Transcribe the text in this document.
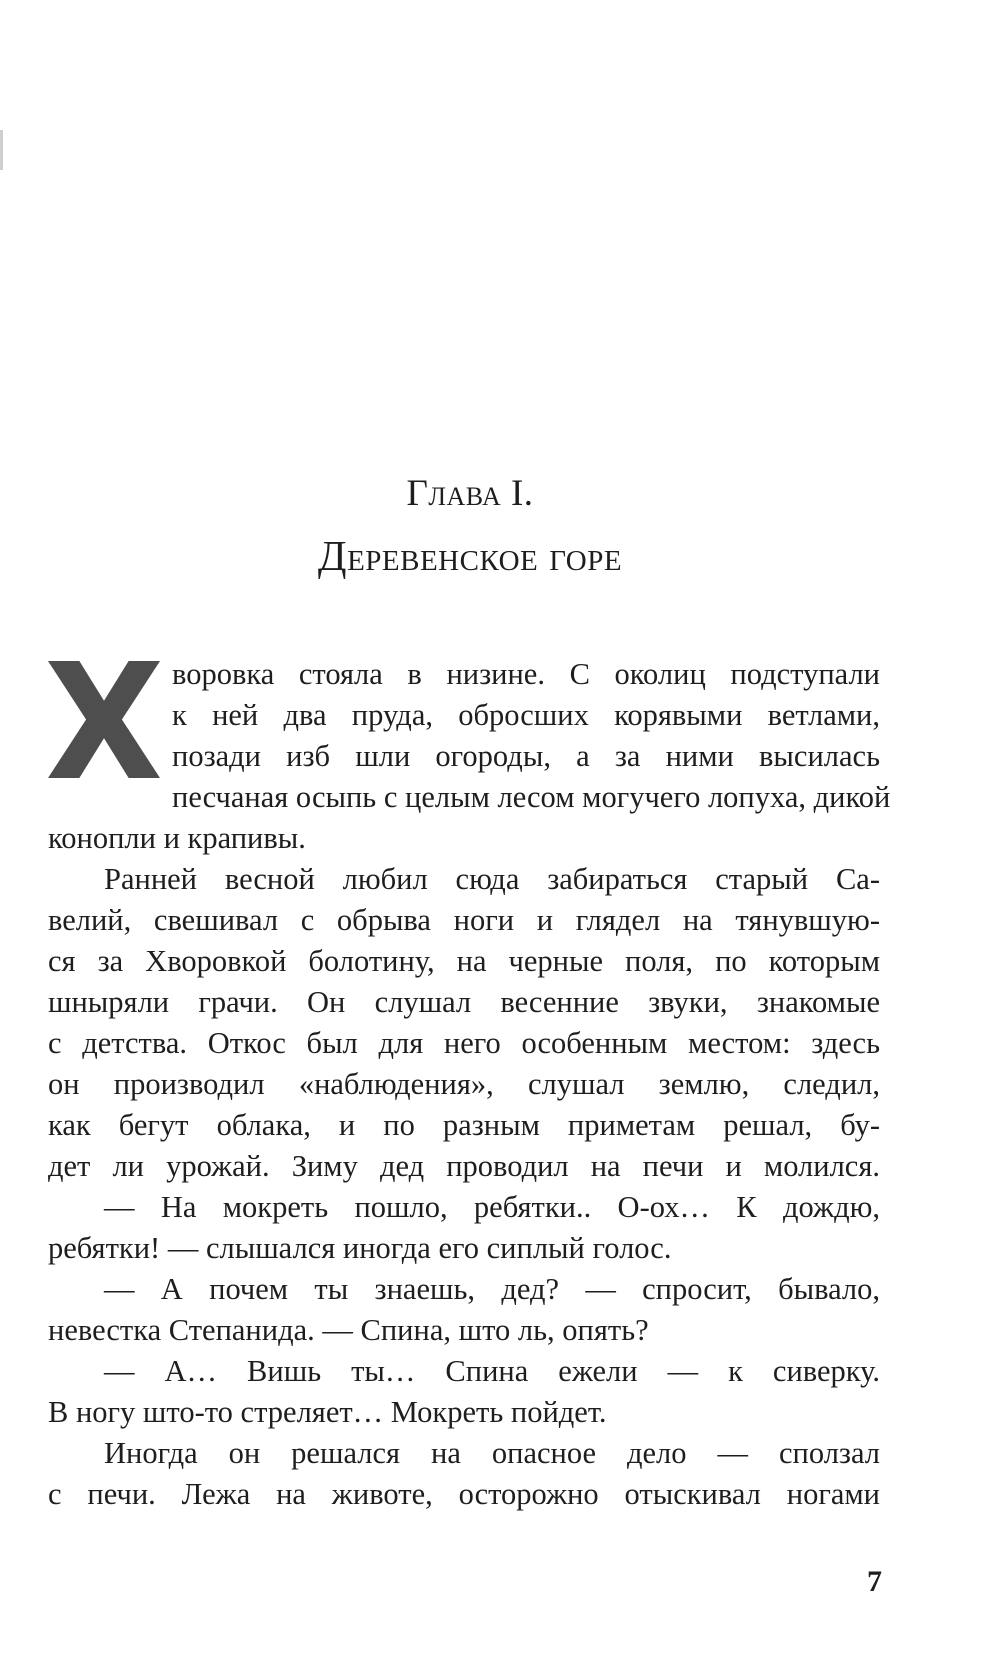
Глава I.
Деревенское горе
воровка стояла в низине. С околиц подступали
к ней два пруда, обросших корявыми ветлами,
позади изб шли огороды, а за ними высилась
песчаная осыпь с целым лесом могучего лопуха, дикой
конопли и крапивы.
Ранней весной любил сюда забираться старый Са-
велий, свешивал с обрыва ноги и глядел на тянувшую-
ся за Хворовкой болотину, на черные поля, по которым
шныряли грачи. Он слушал весенние звуки, знакомые
с детства. Откос был для него особенным местом: здесь
он производил «наблюдения», слушал землю, следил,
как бегут облака, и по разным приметам решал, бу-
дет ли урожай. Зиму дед проводил на печи и молился.
— На мокреть пошло, ребятки.. О-ох… К дождю,
ребятки! — слышался иногда его сиплый голос.
— А почем ты знаешь, дед? — спросит, бывало,
невестка Степанида. — Спина, што ль, опять?
— А… Вишь ты… Спина ежели — к сиверку.
В ногу што-то стреляет… Мокреть пойдет.
Иногда он решался на опасное дело — сползал
с печи. Лежа на животе, осторожно отыскивал ногами
7
